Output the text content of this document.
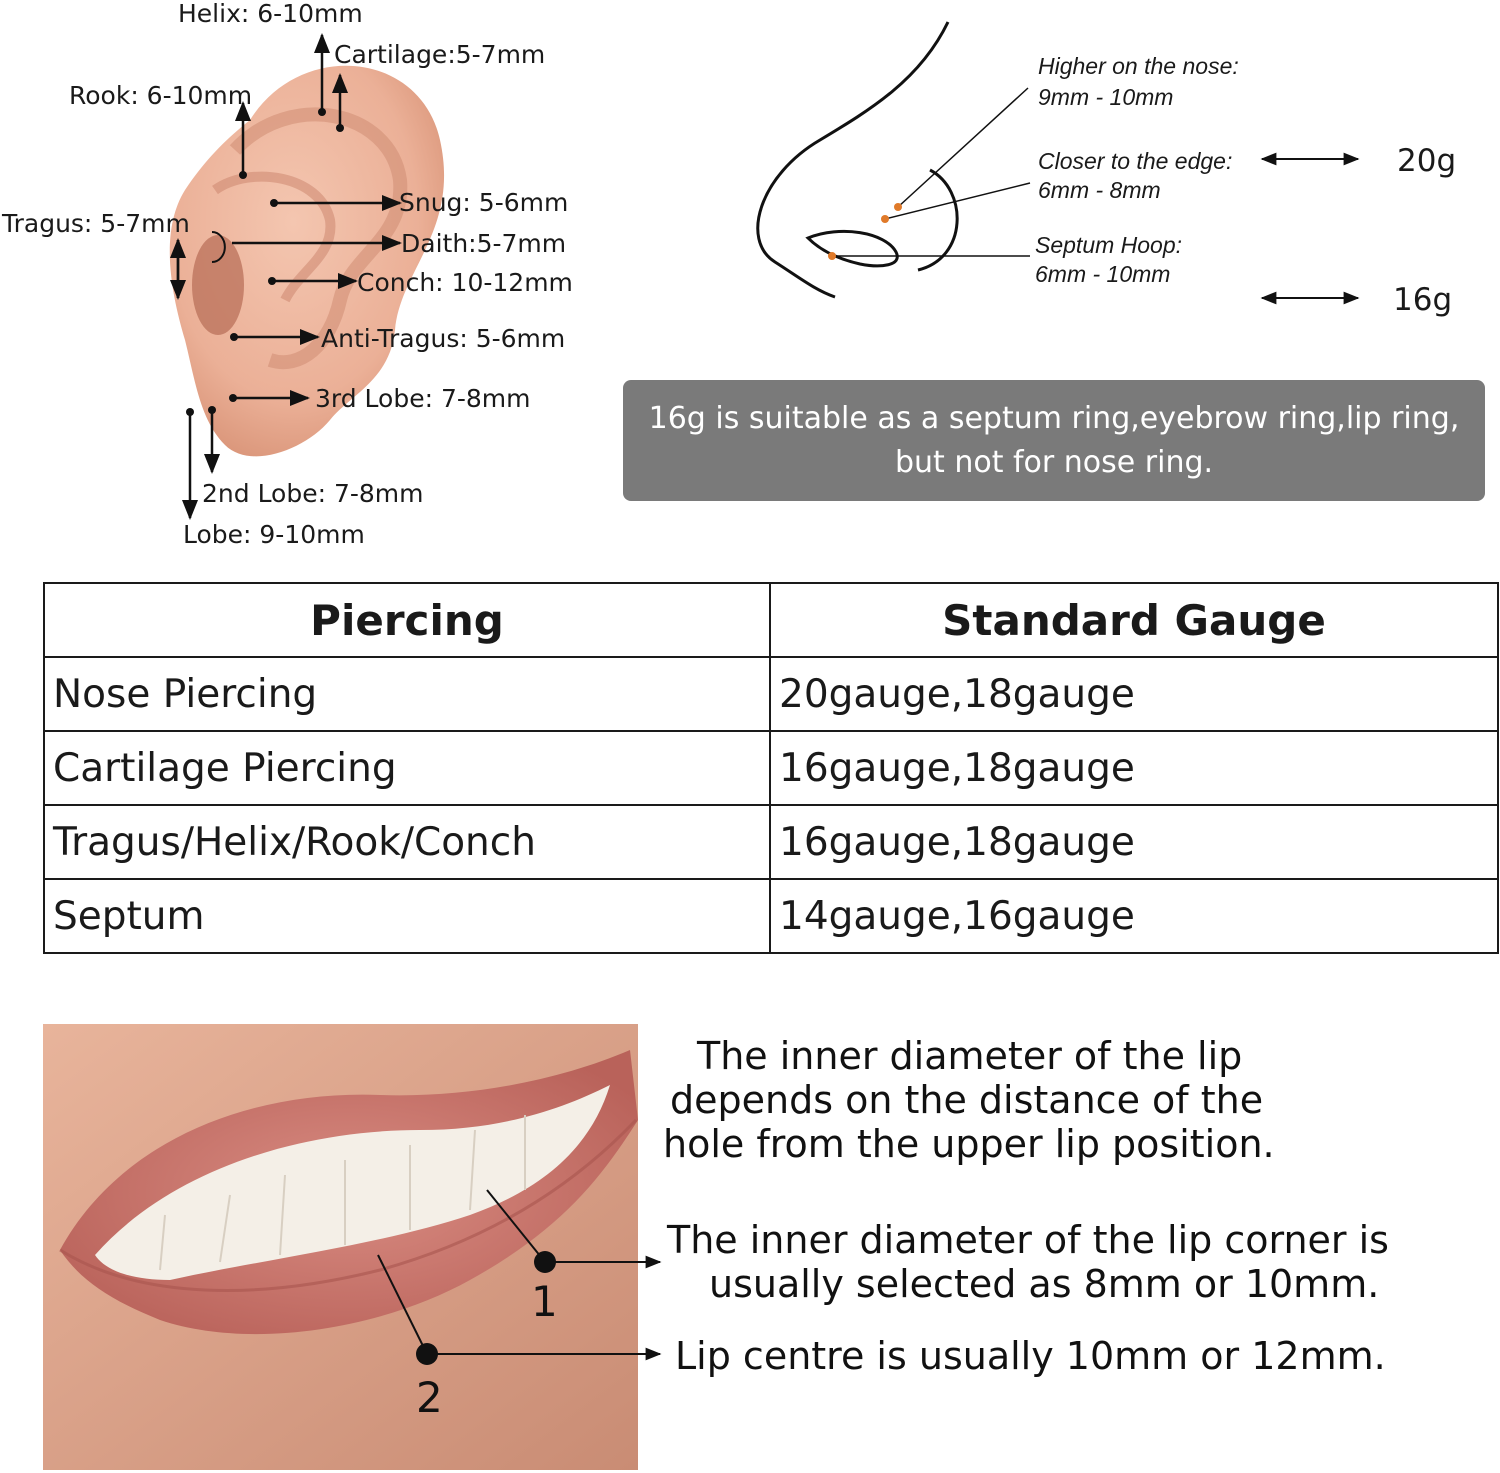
Helix: 6-10mm
Cartilage:5-7mm
Rook: 6-10mm
Tragus: 5-7mm
Snug: 5-6mm
Daith:5-7mm
Conch: 10-12mm
Anti-Tragus: 5-6mm
3rd Lobe: 7-8mm
2nd Lobe: 7-8mm
Lobe: 9-10mm
Higher on the nose:
9mm - 10mm
Closer to the edge:
6mm - 8mm
Septum Hoop:
6mm - 10mm
20g
16g
1
2
16g is suitable as a septum ring,eyebrow ring,lip ring,
but not for nose ring.
Piercing	Standard Gauge
Nose Piercing	20gauge,18gauge
Cartilage Piercing	16gauge,18gauge
Tragus/Helix/Rook/Conch	16gauge,18gauge
Septum	14gauge,16gauge
The inner diameter of the lip
depends on the distance of the
hole from the upper lip position.
The inner diameter of the lip corner is
usually selected as 8mm or 10mm.
Lip centre is usually 10mm or 12mm.
